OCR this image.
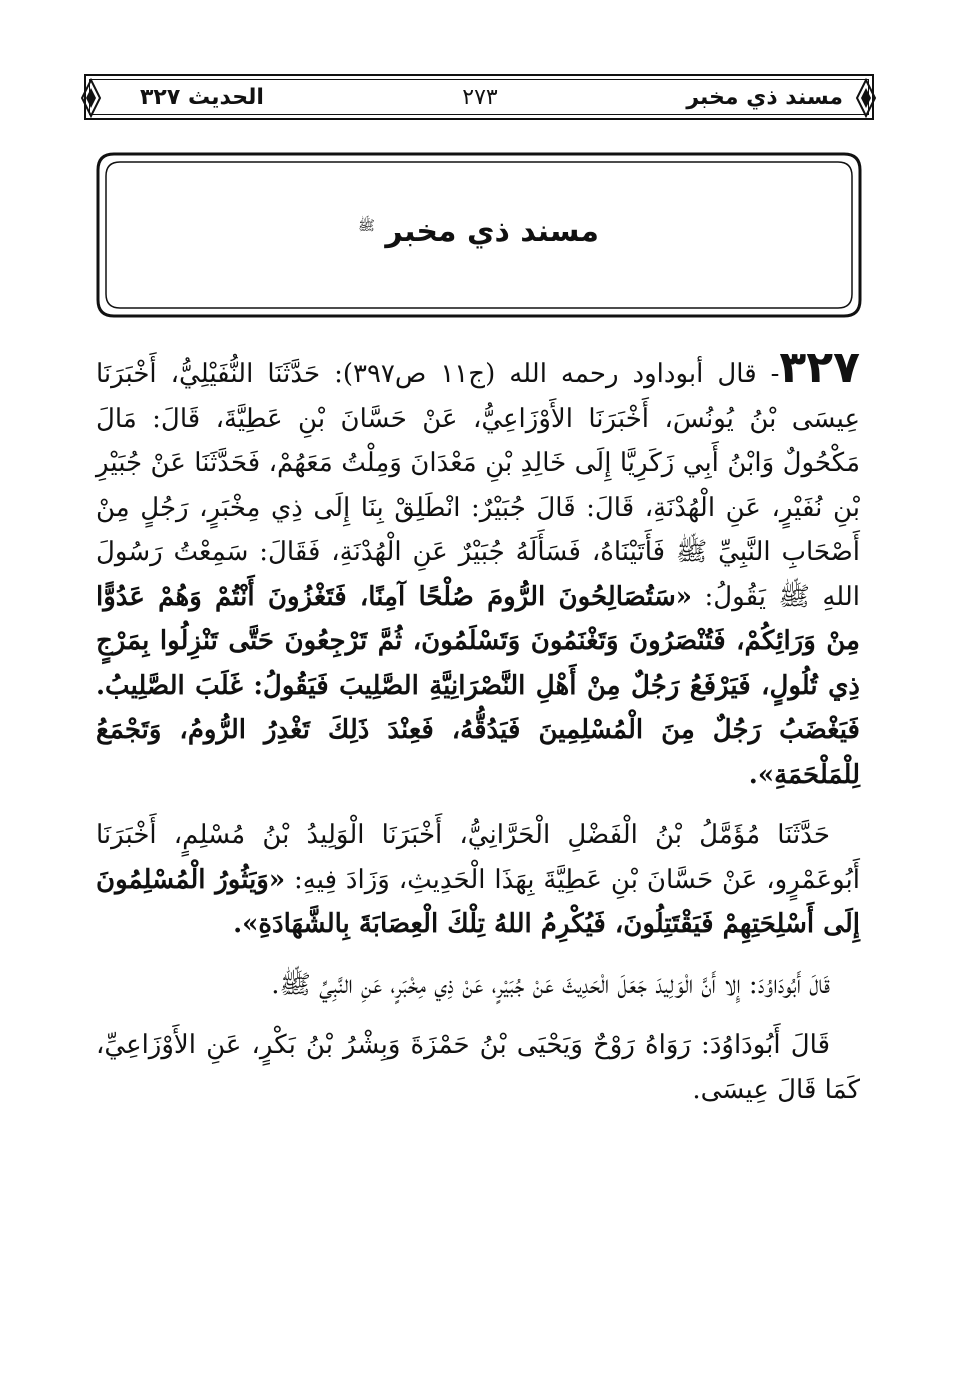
مسند ذي مخبر
٢٧٣
الحديث ٣٢٧
مسند ذي مخبر $^ﷺ$

٣٢٧- قال أبوداود رحمه الله (ج١١ ص٣٩٧): حَدَّثَنَا النُّفَيْلِيُّ، أَخْبَرَنَا عِيسَى بْنُ يُونُسَ، أَخْبَرَنَا الأَوْزَاعِيُّ، عَنْ حَسَّانَ بْنِ عَطِيَّةَ، قَالَ: مَالَ مَكْحُولٌ وَابْنُ أَبِي زَكَرِيَّا إِلَى خَالِدِ بْنِ مَعْدَانَ وَمِلْتُ مَعَهُمْ، فَحَدَّثَنَا عَنْ جُبَيْرِ بْنِ نُفَيْرٍ، عَنِ الْهُدْنَةِ، قَالَ: قَالَ جُبَيْرٌ: انْطَلِقْ بِنَا إِلَى ذِي مِخْبَرٍ، رَجُلٍ مِنْ أَصْحَابِ النَّبِيِّ ﷺ فَأَتَيْنَاهُ، فَسَأَلَهُ جُبَيْرٌ عَنِ الْهُدْنَةِ، فَقَالَ: سَمِعْتُ رَسُولَ اللهِ ﷺ يَقُولُ: «سَتُصَالِحُونَ الرُّومَ صُلْحًا آمِنًا، فَتَغْزُونَ أَنْتُمْ وَهُمْ عَدُوًّا مِنْ وَرَائِكُمْ، فَتُنْصَرُونَ وَتَغْنَمُونَ وَتَسْلَمُونَ، ثُمَّ تَرْجِعُونَ حَتَّى تَنْزِلُوا بِمَرْجٍ ذِي تُلُولٍ، فَيَرْفَعُ رَجُلٌ مِنْ أَهْلِ النَّصْرَانِيَّةِ الصَّلِيبَ فَيَقُولُ: غَلَبَ الصَّلِيبُ. فَيَغْضَبُ رَجُلٌ مِنَ الْمُسْلِمِينَ فَيَدُقُّهُ، فَعِنْدَ ذَلِكَ تَغْدِرُ الرُّومُ، وَتَجْمَعُ لِلْمَلْحَمَةِ».

حَدَّثَنَا مُؤَمَّلُ بْنُ الْفَضْلِ الْحَرَّانِيُّ، أَخْبَرَنَا الْوَلِيدُ بْنُ مُسْلِمٍ، أَخْبَرَنَا أَبُوعَمْرٍو، عَنْ حَسَّانَ بْنِ عَطِيَّةَ بِهَذَا الْحَدِيثِ، وَزَادَ فِيهِ: «وَيَثُورُ الْمُسْلِمُونَ إِلَى أَسْلِحَتِهِمْ فَيَقْتَتِلُونَ، فَيُكْرِمُ اللهُ تِلْكَ الْعِصَابَةَ بِالشَّهَادَةِ».

قَالَ أَبُودَاوُدَ: إِلا أَنَّ الْوَلِيدَ جَعَلَ الْحَدِيثَ عَنْ جُبَيْرٍ، عَنْ ذِي مِخْبَرٍ، عَنِ النَّبِيِّ ﷺ.

قَالَ أَبُودَاوُدَ: رَوَاهُ رَوْحٌ وَيَحْيَى بْنُ حَمْزَةَ وَبِشْرُ بْنُ بَكْرٍ، عَنِ الأَوْزَاعِيِّ، كَمَا قَالَ عِيسَى.
